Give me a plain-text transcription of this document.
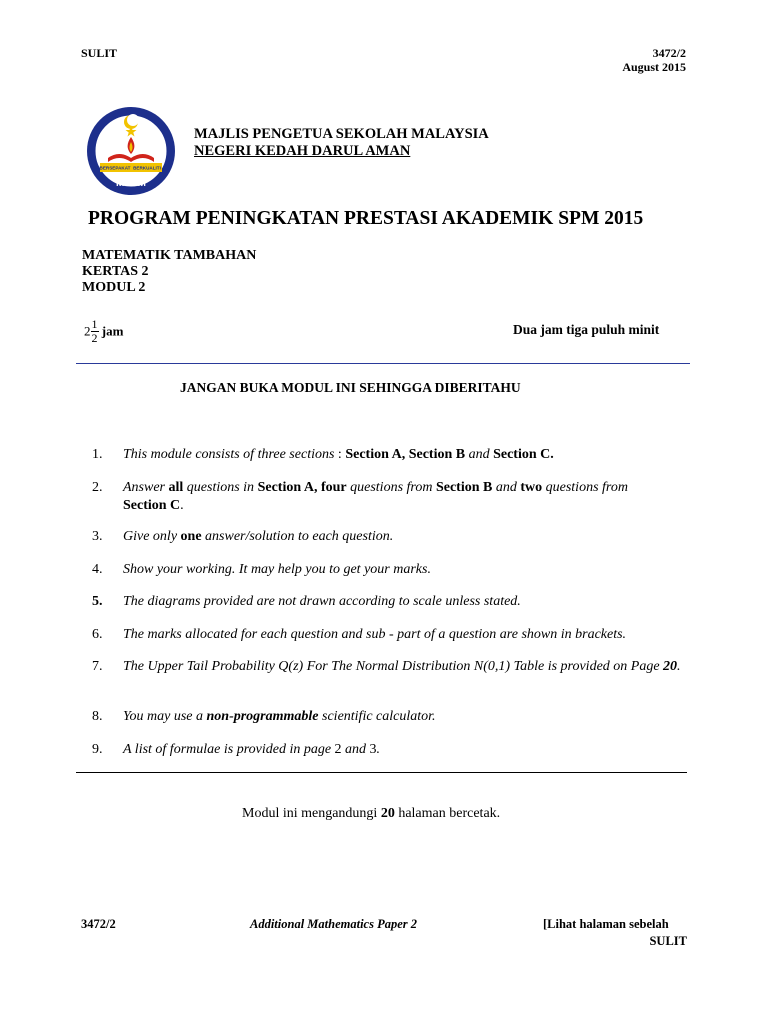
SULIT	3472/2
August 2015
BERSEPAKAT BERKUALITI
MPSM
MAJLIS PENGETUA SEKOLAH MALAYSIA
NEGERI KEDAH DARUL AMAN
PROGRAM PENINGKATAN PRESTASI AKADEMIK SPM 2015
MATEMATIK TAMBAHAN
KERTAS 2
MODUL 2
$2 \frac{1}{2}$ jam	Dua jam tiga puluh minit
JANGAN BUKA MODUL INI SEHINGGA DIBERITAHU
1. This module consists of three sections : Section A, Section B and Section C.
2. Answer all questions in Section A, four questions from Section B and two questions from
Section C.
3. Give only one answer/solution to each question.
4. Show your working. It may help you to get your marks.
5. The diagrams provided are not drawn according to scale unless stated.
6. The marks allocated for each question and sub - part of a question are shown in brackets.
7. The Upper Tail Probability Q(z) For The Normal Distribution N(0,1) Table is provided on Page 20.
8. You may use a non-programmable scientific calculator.
9. A list of formulae is provided in page 2 and 3.
Modul ini mengandungi 20 halaman bercetak.
3472/2	Additional Mathematics Paper 2	[Lihat halaman sebelah
SULIT
